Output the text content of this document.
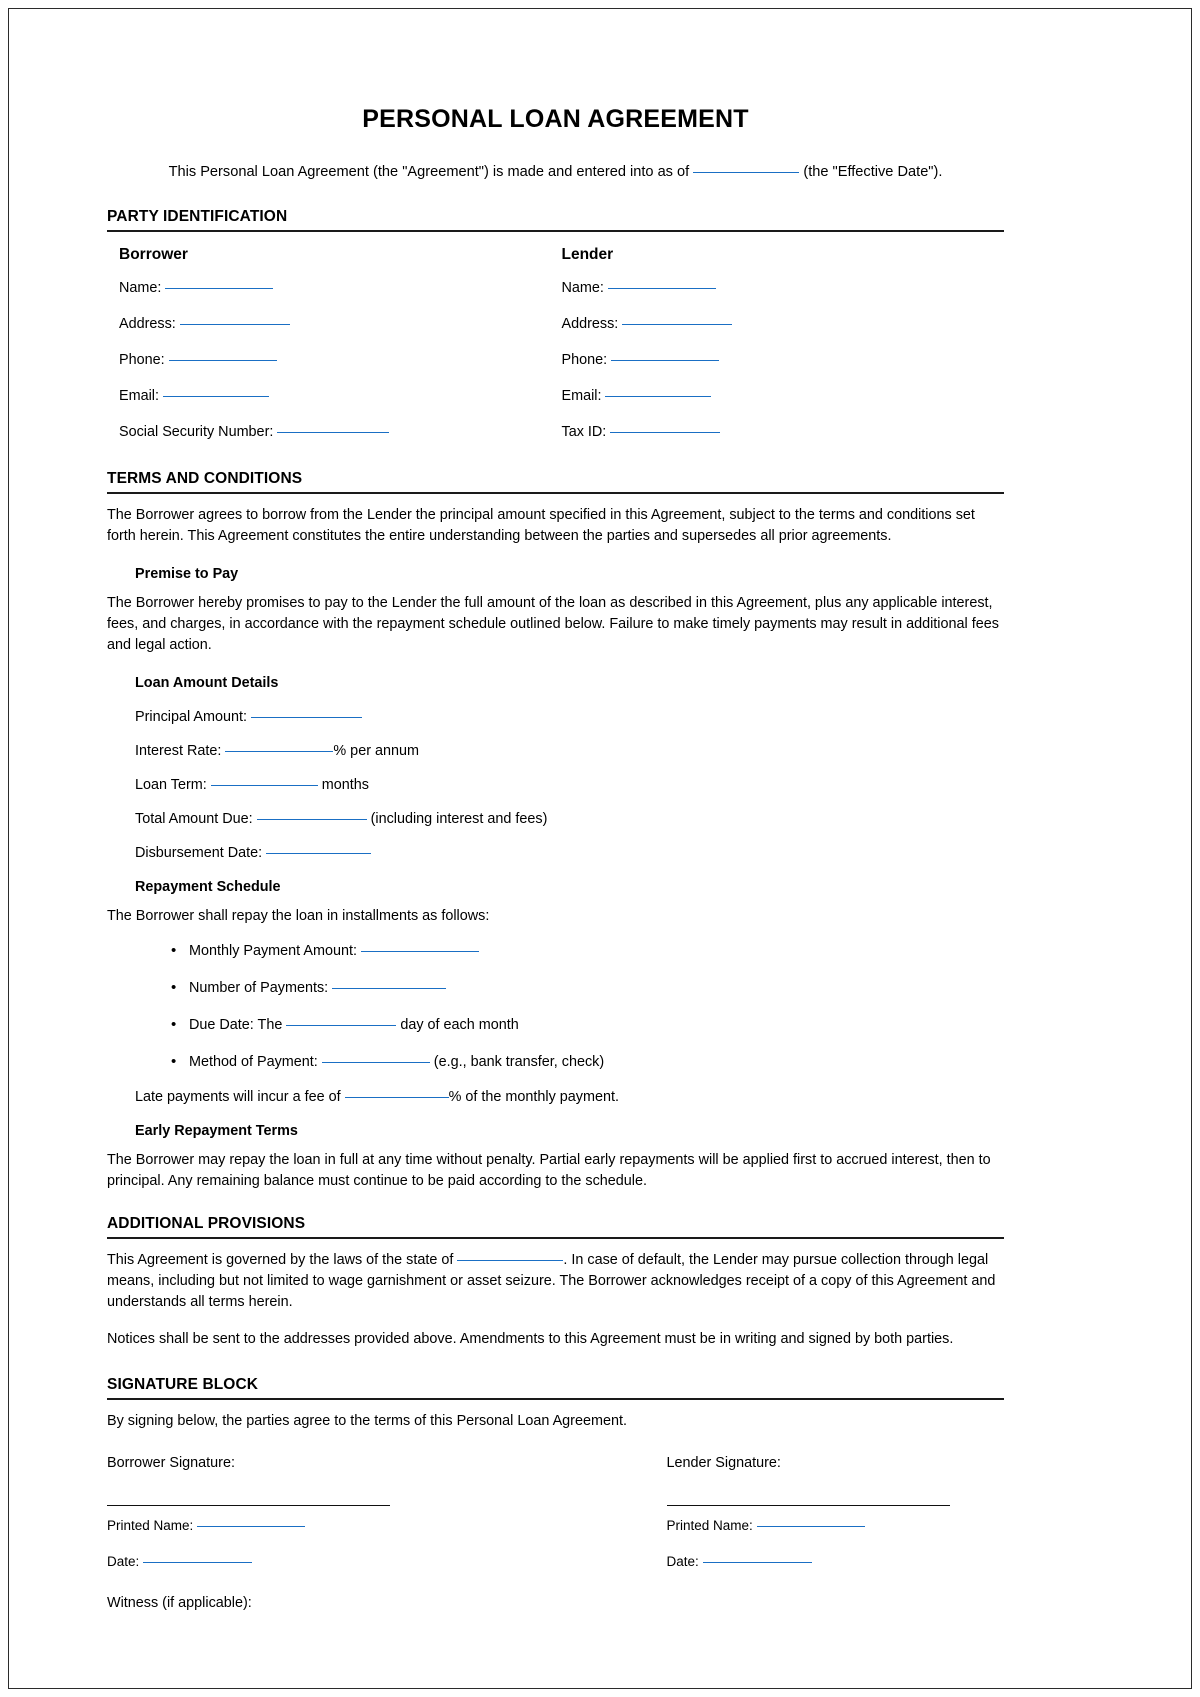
PERSONAL LOAN AGREEMENT
This Personal Loan Agreement (the "Agreement") is made and entered into as of	(the "Effective Date").
PARTY IDENTIFICATION
Borrower
Name:
Address:
Phone:
Email:
Social Security Number:
Lender
Name:
Address:
Phone:
Email:
Tax ID:
TERMS AND CONDITIONS

The Borrower agrees to borrow from the Lender the principal amount specified in this Agreement, subject to the terms and conditions set forth herein. This Agreement constitutes the entire understanding between the parties and supersedes all prior agreements.

Premise to Pay

The Borrower hereby promises to pay to the Lender the full amount of the loan as described in this Agreement, plus any applicable interest, fees, and charges, in accordance with the repayment schedule outlined below. Failure to make timely payments may result in additional fees and legal action.

Loan Amount Details
Principal Amount:
Interest Rate:	% per annum
Loan Term:	months
Total Amount Due:	(including interest and fees)
Disbursement Date:
Repayment Schedule

The Borrower shall repay the loan in installments as follows:

• Monthly Payment Amount:
• Number of Payments:
• Due Date: The	day of each month
• Method of Payment:	(e.g., bank transfer, check)
Late payments will incur a fee of	% of the monthly payment.
Early Repayment Terms

The Borrower may repay the loan in full at any time without penalty. Partial early repayments will be applied first to accrued interest, then to principal. Any remaining balance must continue to be paid according to the schedule.

ADDITIONAL PROVISIONS

This Agreement is governed by the laws of the state of	. In case of default, the Lender may pursue collection through legal means, including but not limited to wage garnishment or asset seizure. The Borrower acknowledges receipt of a copy of this Agreement and understands all terms herein.

Notices shall be sent to the addresses provided above. Amendments to this Agreement must be in writing and signed by both parties.

SIGNATURE BLOCK
By signing below, the parties agree to the terms of this Personal Loan Agreement.
Borrower Signature:
Printed Name:
Date:
Witness (if applicable):
Lender Signature:
Printed Name:
Date:
